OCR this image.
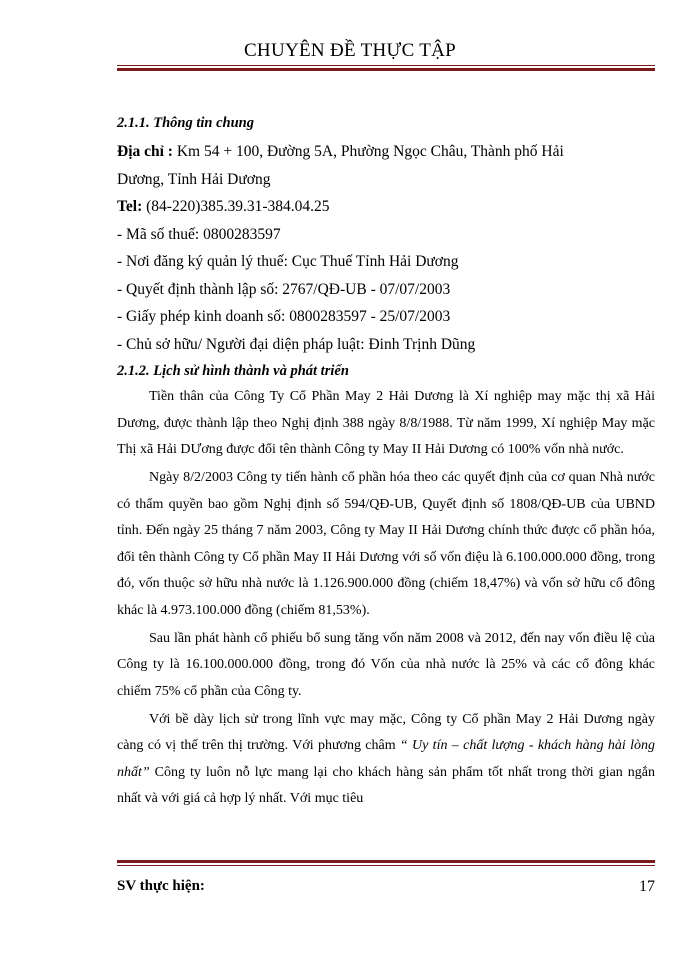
CHUYÊN ĐỀ THỰC TẬP

2.1.1. Thông tin chung

Địa chỉ : Km 54 + 100, Đường 5A, Phường Ngọc Châu, Thành phố Hải

Dương, Tỉnh Hải Dương

Tel: (84-220)385.39.31-384.04.25

- Mã số thuế: 0800283597

- Nơi đăng ký quản lý thuế: Cục Thuế Tỉnh Hải Dương

- Quyết định thành lập số: 2767/QĐ-UB - 07/07/2003

- Giấy phép kinh doanh số: 0800283597 - 25/07/2003

- Chủ sở hữu/ Người đại diện pháp luật: Đinh Trịnh Dũng

2.1.2. Lịch sử hình thành và phát triển

Tiền thân của Công Ty Cổ Phần May 2 Hải Dương là Xí nghiệp may mặc thị xã Hải Dương, được thành lập theo Nghị định 388 ngày 8/8/1988. Từ năm 1999, Xí nghiệp May mặc Thị xã Hải DƯơng được đổi tên thành Công ty May II Hải Dương có 100% vốn nhà nước.

Ngày 8/2/2003 Công ty tiến hành cổ phần hóa theo các quyết định của cơ quan Nhà nước có thẩm quyền bao gồm Nghị định số 594/QĐ-UB, Quyết định số 1808/QĐ-UB của UBND tỉnh. Đến ngày 25 tháng 7 năm 2003, Công ty May II Hải Dương chính thức được cổ phần hóa, đổi tên thành Công ty Cổ phần May II Hải Dương với số vốn điệu là 6.100.000.000 đồng, trong đó, vốn thuộc sở hữu nhà nước là 1.126.900.000 đồng (chiếm 18,47%) và vốn sở hữu cổ đông khác là 4.973.100.000 đồng (chiếm 81,53%).

Sau lần phát hành cổ phiếu bổ sung tăng vốn năm 2008 và 2012, đến nay vốn điều lệ của Công ty là 16.100.000.000 đồng, trong đó Vốn của nhà nước là 25% và các cổ đông khác chiếm 75% cổ phần của Công ty.

Với bề dày lịch sử trong lĩnh vực may mặc, Công ty Cổ phần May 2 Hải Dương ngày càng có vị thế trên thị trường. Với phương châm “ Uy tín – chất lượng - khách hàng hài lòng nhất” Công ty luôn nỗ lực mang lại cho khách hàng sản phẩm tốt nhất trong thời gian ngắn nhất và với giá cả hợp lý nhất. Với mục tiêu

SV thực hiện:	17
